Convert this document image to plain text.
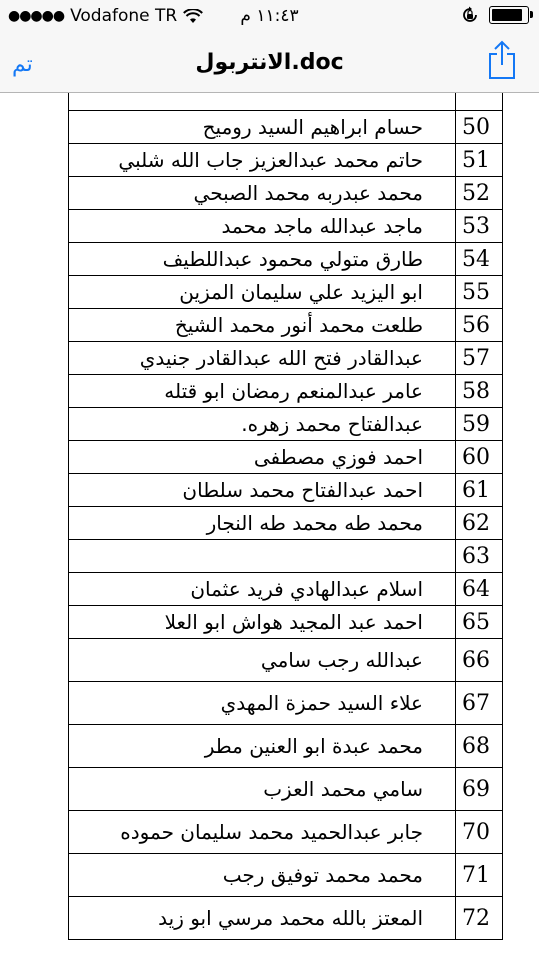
●●●●● Vodafone TR	١١:٤٣ م
تم	الانتربول.doc

حسام ابراهيم السيد روميح	50
حاتم محمد عبدالعزيز جاب الله شلبي	51
محمد عبدربه محمد الصبحي	52
ماجد عبدالله ماجد محمد	53
طارق متولي محمود عبداللطيف	54
ابو اليزيد علي سليمان المزين	55
طلعت محمد أنور محمد الشيخ	56
عبدالقادر فتح الله عبدالقادر جنيدي	57
عامر عبدالمنعم رمضان ابو قتله	58
عبدالفتاح محمد زهره.	59
احمد فوزي مصطفى	60
احمد عبدالفتاح محمد سلطان	61
محمد طه محمد طه النجار	62
	63
اسلام عبدالهادي فريد عثمان	64
احمد عبد المجيد هواش ابو العلا	65
عبدالله رجب سامي	66
علاء السيد حمزة المهدي	67
محمد عبدة ابو العنين مطر	68
سامي محمد العزب	69
جابر عبدالحميد محمد سليمان حموده	70
محمد محمد توفيق رجب	71
المعتز بالله محمد مرسي ابو زيد	72
